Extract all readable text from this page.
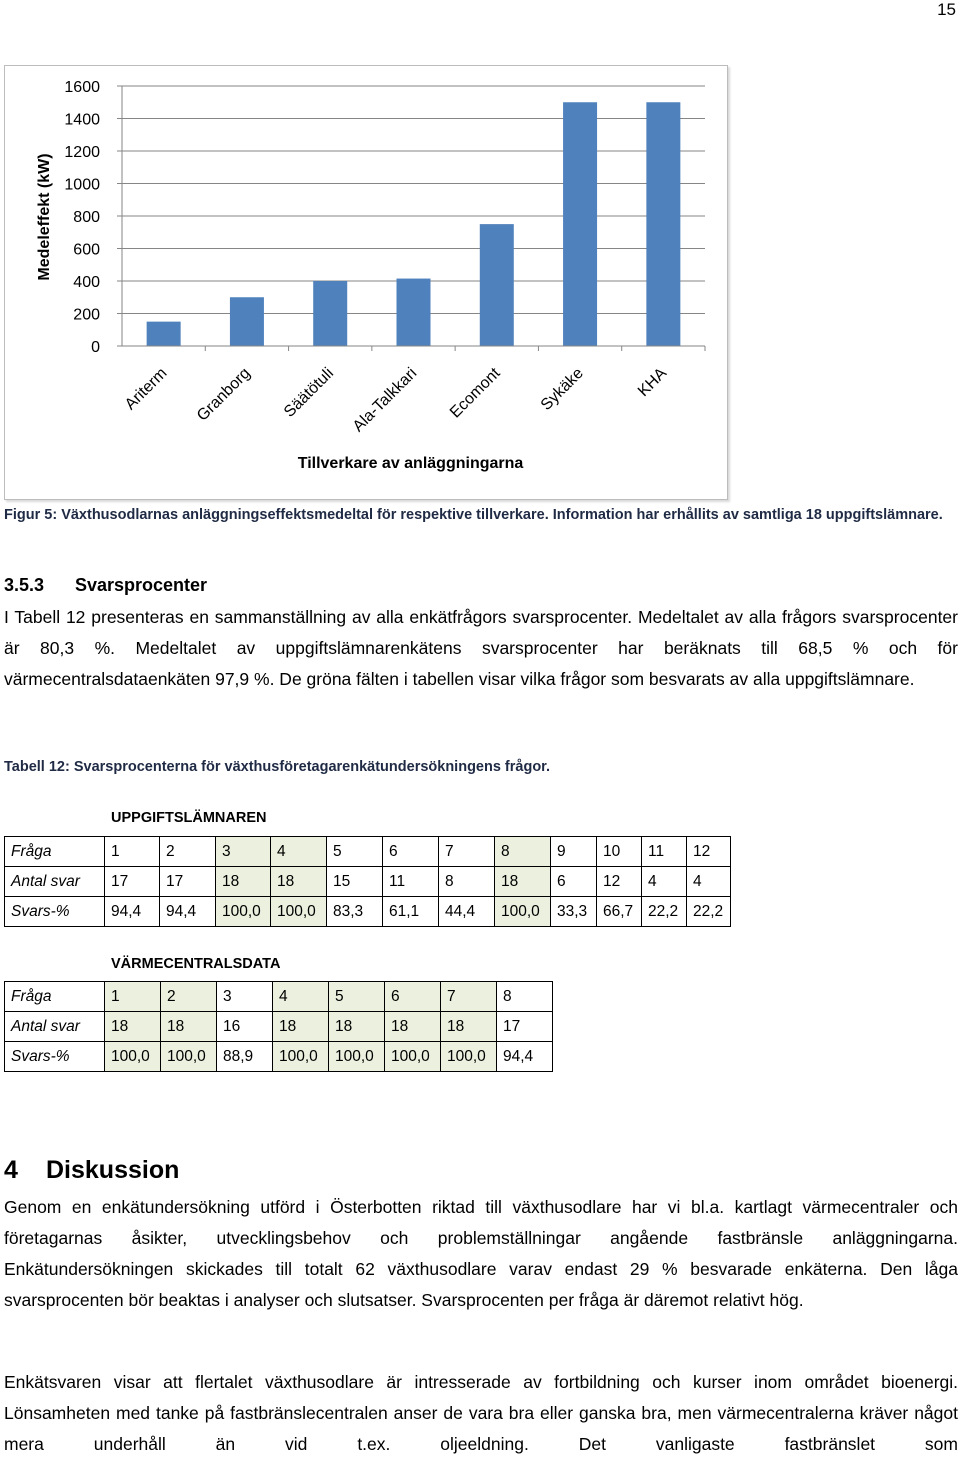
15
0
200
400
600
800
1000
1200
1400
1600
Ariterm Granborg Säätötuli Ala-Talkkari Ecomont Sykäke	KHA
Tillverkare av anläggningarna
Medeleffekt (kW)
Figur 5: Växthusodlarnas anläggningseffektsmedeltal för respektive tillverkare. Information har erhållits av samtliga 18 uppgiftslämnare.
3.5.3 Svarsprocenter
I Tabell 12 presenteras en sammanställning av alla enkätfrågors svarsprocenter. Medeltalet av alla frågors svarsprocenter är 80,3 %. Medeltalet av uppgiftslämnarenkätens svarsprocenter har beräknats till 68,5 % och för värmecentralsdataenkäten 97,9 %. De gröna fälten i tabellen visar vilka frågor som besvarats av alla uppgiftslämnare.
Tabell 12: Svarsprocenterna för växthusföretagarenkätundersökningens frågor.
UPPGIFTSLÄMNAREN
Fråga	1	2	3	4	5	6	7	8	9	10	11	12
Antal svar	17	17	18	18	15	11	8	18	6	12	4	4
Svars-%	94,4	94,4	100,0	100,0	83,3	61,1	44,4	100,0	33,3	66,7	22,2	22,2
VÄRMECENTRALSDATA
Fråga	1	2	3	4	5	6	7	8
Antal svar	18	18	16	18	18	18	18	17
Svars-%	100,0	100,0	88,9	100,0	100,0	100,0	100,0	94,4
4 Diskussion
Genom en enkätundersökning utförd i Österbotten riktad till växthusodlare har vi bl.a. kartlagt värmecentraler och företagarnas åsikter, utvecklingsbehov och problemställningar angående fastbränsle anläggningarna. Enkätundersökningen skickades till totalt 62 växthusodlare varav endast 29 % besvarade enkäterna. Den låga svarsprocenten bör beaktas i analyser och slutsatser. Svarsprocenten per fråga är däremot relativt hög.
Enkätsvaren visar att flertalet växthusodlare är intresserade av fortbildning och kurser inom området bioenergi. Lönsamheten med tanke på fastbränslecentralen anser de vara bra eller ganska bra, men värmecentralerna kräver något mera underhåll än vid t.ex. oljeeldning. Det vanligaste fastbränslet som
